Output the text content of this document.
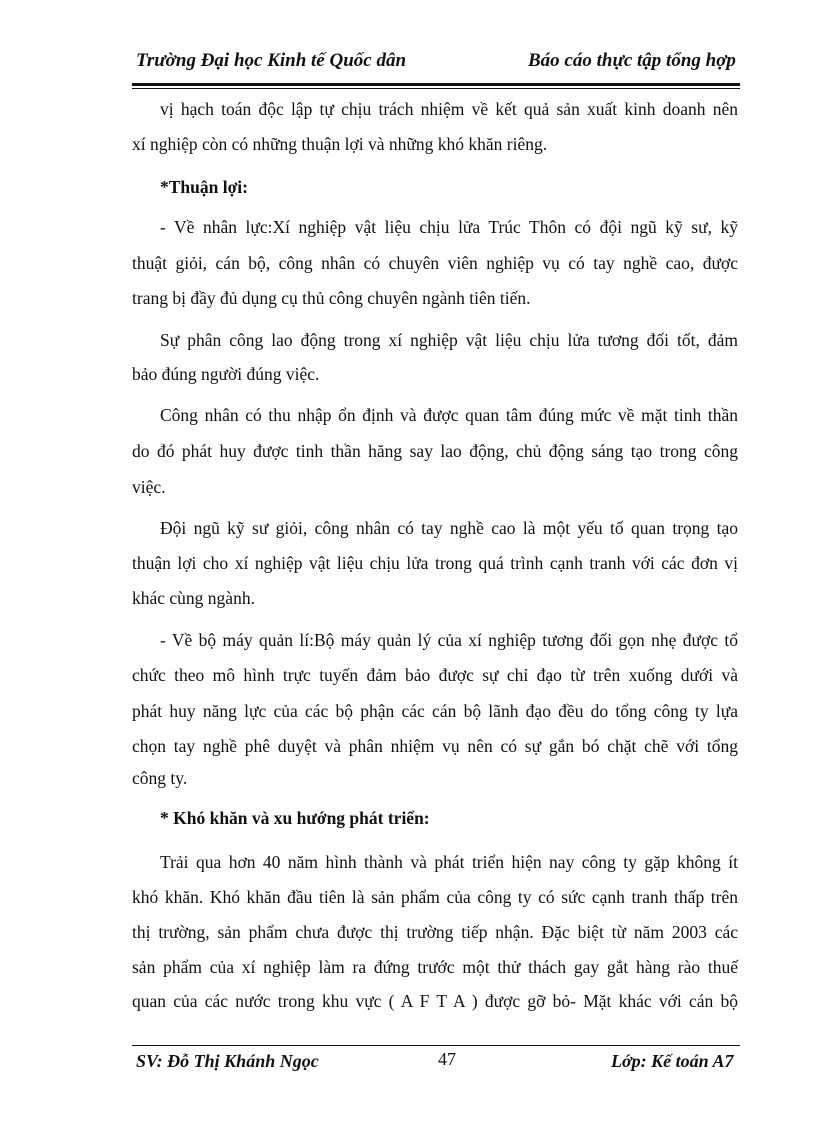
Trường Đại học Kinh tế Quốc dân	Báo cáo thực tập tổng hợp
vị hạch toán độc lập tự chịu trách nhiệm về kết quả sản xuất kinh doanh nên
xí nghiệp còn có những thuận lợi và những khó khăn riêng.
*Thuận lợi:
- Về nhân lực:Xí nghiệp vật liệu chịu lửa Trúc Thôn có đội ngũ kỹ sư, kỹ
thuật giỏi, cán bộ, công nhân có chuyên viên nghiệp vụ có tay nghề cao, được
trang bị đầy đủ dụng cụ thủ công chuyên ngành tiên tiến.
Sự phân công lao động trong xí nghiệp vật liệu chịu lửa tương đối tốt, đảm
bảo đúng người đúng việc.
Công nhân có thu nhập ổn định và được quan tâm đúng mức về mặt tinh thần
do đó phát huy được tinh thần hăng say lao động, chủ động sáng tạo trong công
việc.
Đội ngũ kỹ sư giỏi, công nhân có tay nghề cao là một yếu tố quan trọng tạo
thuận lợi cho xí nghiệp vật liệu chịu lửa trong quá trình cạnh tranh với các đơn vị
khác cùng ngành.
- Về bộ máy quản lí:Bộ máy quản lý của xí nghiệp tương đối gọn nhẹ được tổ
chức theo mô hình trực tuyến đảm bảo được sự chỉ đạo từ trên xuống dưới và
phát huy năng lực của các bộ phận các cán bộ lãnh đạo đều do tổng công ty lựa
chọn tay nghề phê duyệt và phân nhiệm vụ nên có sự gắn bó chặt chẽ với tổng
công ty.
* Khó khăn và xu hướng phát triển:
Trải qua hơn 40 năm hình thành và phát triển hiện nay công ty gặp không ít
khó khăn. Khó khăn đầu tiên là sản phẩm của công ty có sức cạnh tranh thấp trên
thị trường, sản phẩm chưa được thị trường tiếp nhận. Đặc biệt từ năm 2003 các
sản phẩm của xí nghiệp làm ra đứng trước một thử thách gay gắt hàng rào thuế
quan của các nước trong khu vực ( A F T A ) được gỡ bỏ- Mặt khác với cán bộ
SV: Đỗ Thị Khánh Ngọc	47	Lớp: Kế toán A7
